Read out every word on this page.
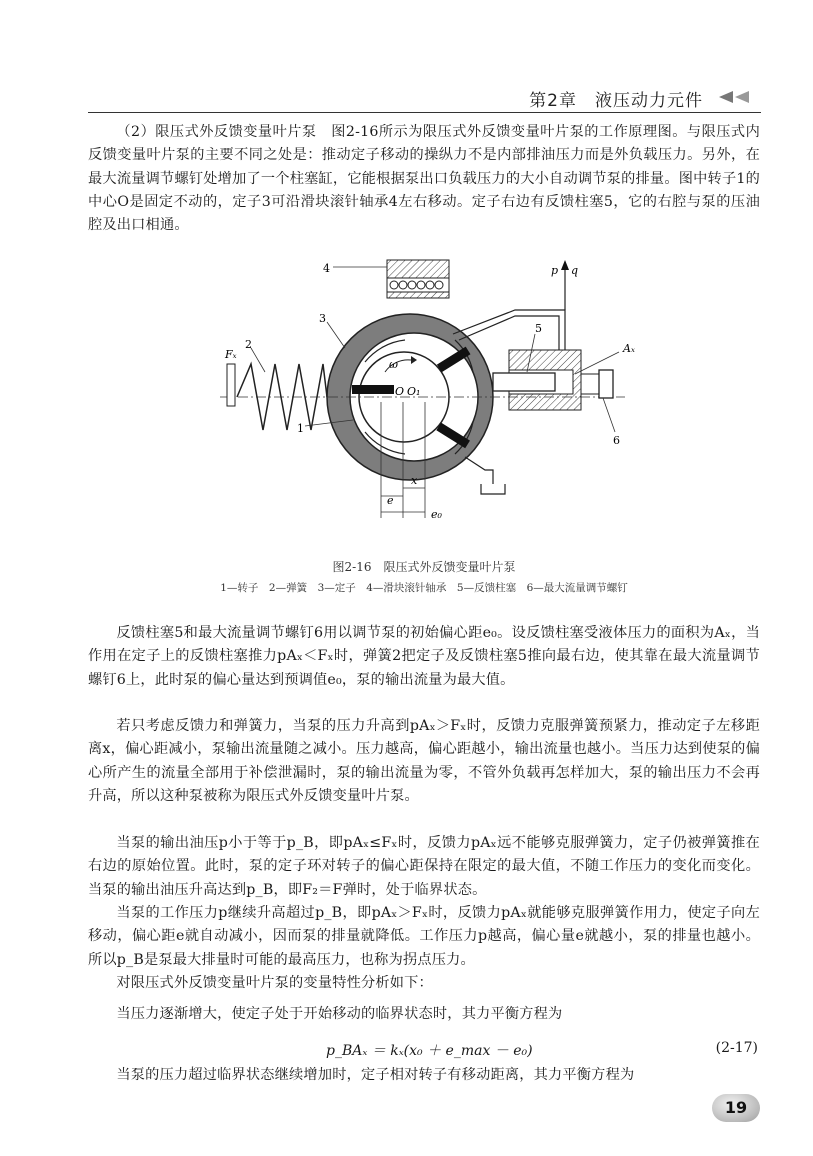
第2章　 液压动力元件

（2）限压式外反馈变量叶片泵　图2-16所示为限压式外反馈变量叶片泵的工作原理图。与限压式内反馈变量叶片泵的主要不同之处是：推动定子移动的操纵力不是内部排油压力而是外负载压力。另外，在最大流量调节螺钉处增加了一个柱塞缸，它能根据泵出口负载压力的大小自动调节泵的排量。图中转子1的中心O是固定不动的，定子3可沿滑块滚针轴承4左右移动。定子右边有反馈柱塞5，它的右腔与泵的压油腔及出口相通。

4
3
2
Fₓ
1
5
Aₓ
6
p q
ω
O O₁
x
e
e₀
图2-16　限压式外反馈变量叶片泵
1—转子　2—弹簧　3—定子　4—滑块滚针轴承　5—反馈柱塞　6—最大流量调节螺钉

反馈柱塞5和最大流量调节螺钉6用以调节泵的初始偏心距e₀。设反馈柱塞受液体压力的面积为Aₓ，当作用在定子上的反馈柱塞推力pAₓ＜Fₓ时，弹簧2把定子及反馈柱塞5推向最右边，使其靠在最大流量调节螺钉6上，此时泵的偏心量达到预调值e₀，泵的输出流量为最大值。

若只考虑反馈力和弹簧力，当泵的压力升高到pAₓ＞Fₓ时，反馈力克服弹簧预紧力，推动定子左移距离x，偏心距减小，泵输出流量随之减小。压力越高，偏心距越小，输出流量也越小。当压力达到使泵的偏心所产生的流量全部用于补偿泄漏时，泵的输出流量为零，不管外负载再怎样加大，泵的输出压力不会再升高，所以这种泵被称为限压式外反馈变量叶片泵。

当泵的输出油压p小于等于p_B，即pAₓ≤Fₓ时，反馈力pAₓ远不能够克服弹簧力，定子仍被弹簧推在右边的原始位置。此时，泵的定子环对转子的偏心距保持在限定的最大值，不随工作压力的变化而变化。当泵的输出油压升高达到p_B，即F₂＝F弹时，处于临界状态。

当泵的工作压力p继续升高超过p_B，即pAₓ＞Fₓ时，反馈力pAₓ就能够克服弹簧作用力，使定子向左移动，偏心距e就自动减小，因而泵的排量就降低。工作压力p越高，偏心量e就越小，泵的排量也越小。所以p_B是泵最大排量时可能的最高压力，也称为拐点压力。

对限压式外反馈变量叶片泵的变量特性分析如下：

当压力逐渐增大，使定子处于开始移动的临界状态时，其力平衡方程为

p_BAₓ ＝ kₓ(x₀ ＋ e_max － e₀)	(2-17)

当泵的压力超过临界状态继续增加时，定子相对转子有移动距离，其力平衡方程为

19
